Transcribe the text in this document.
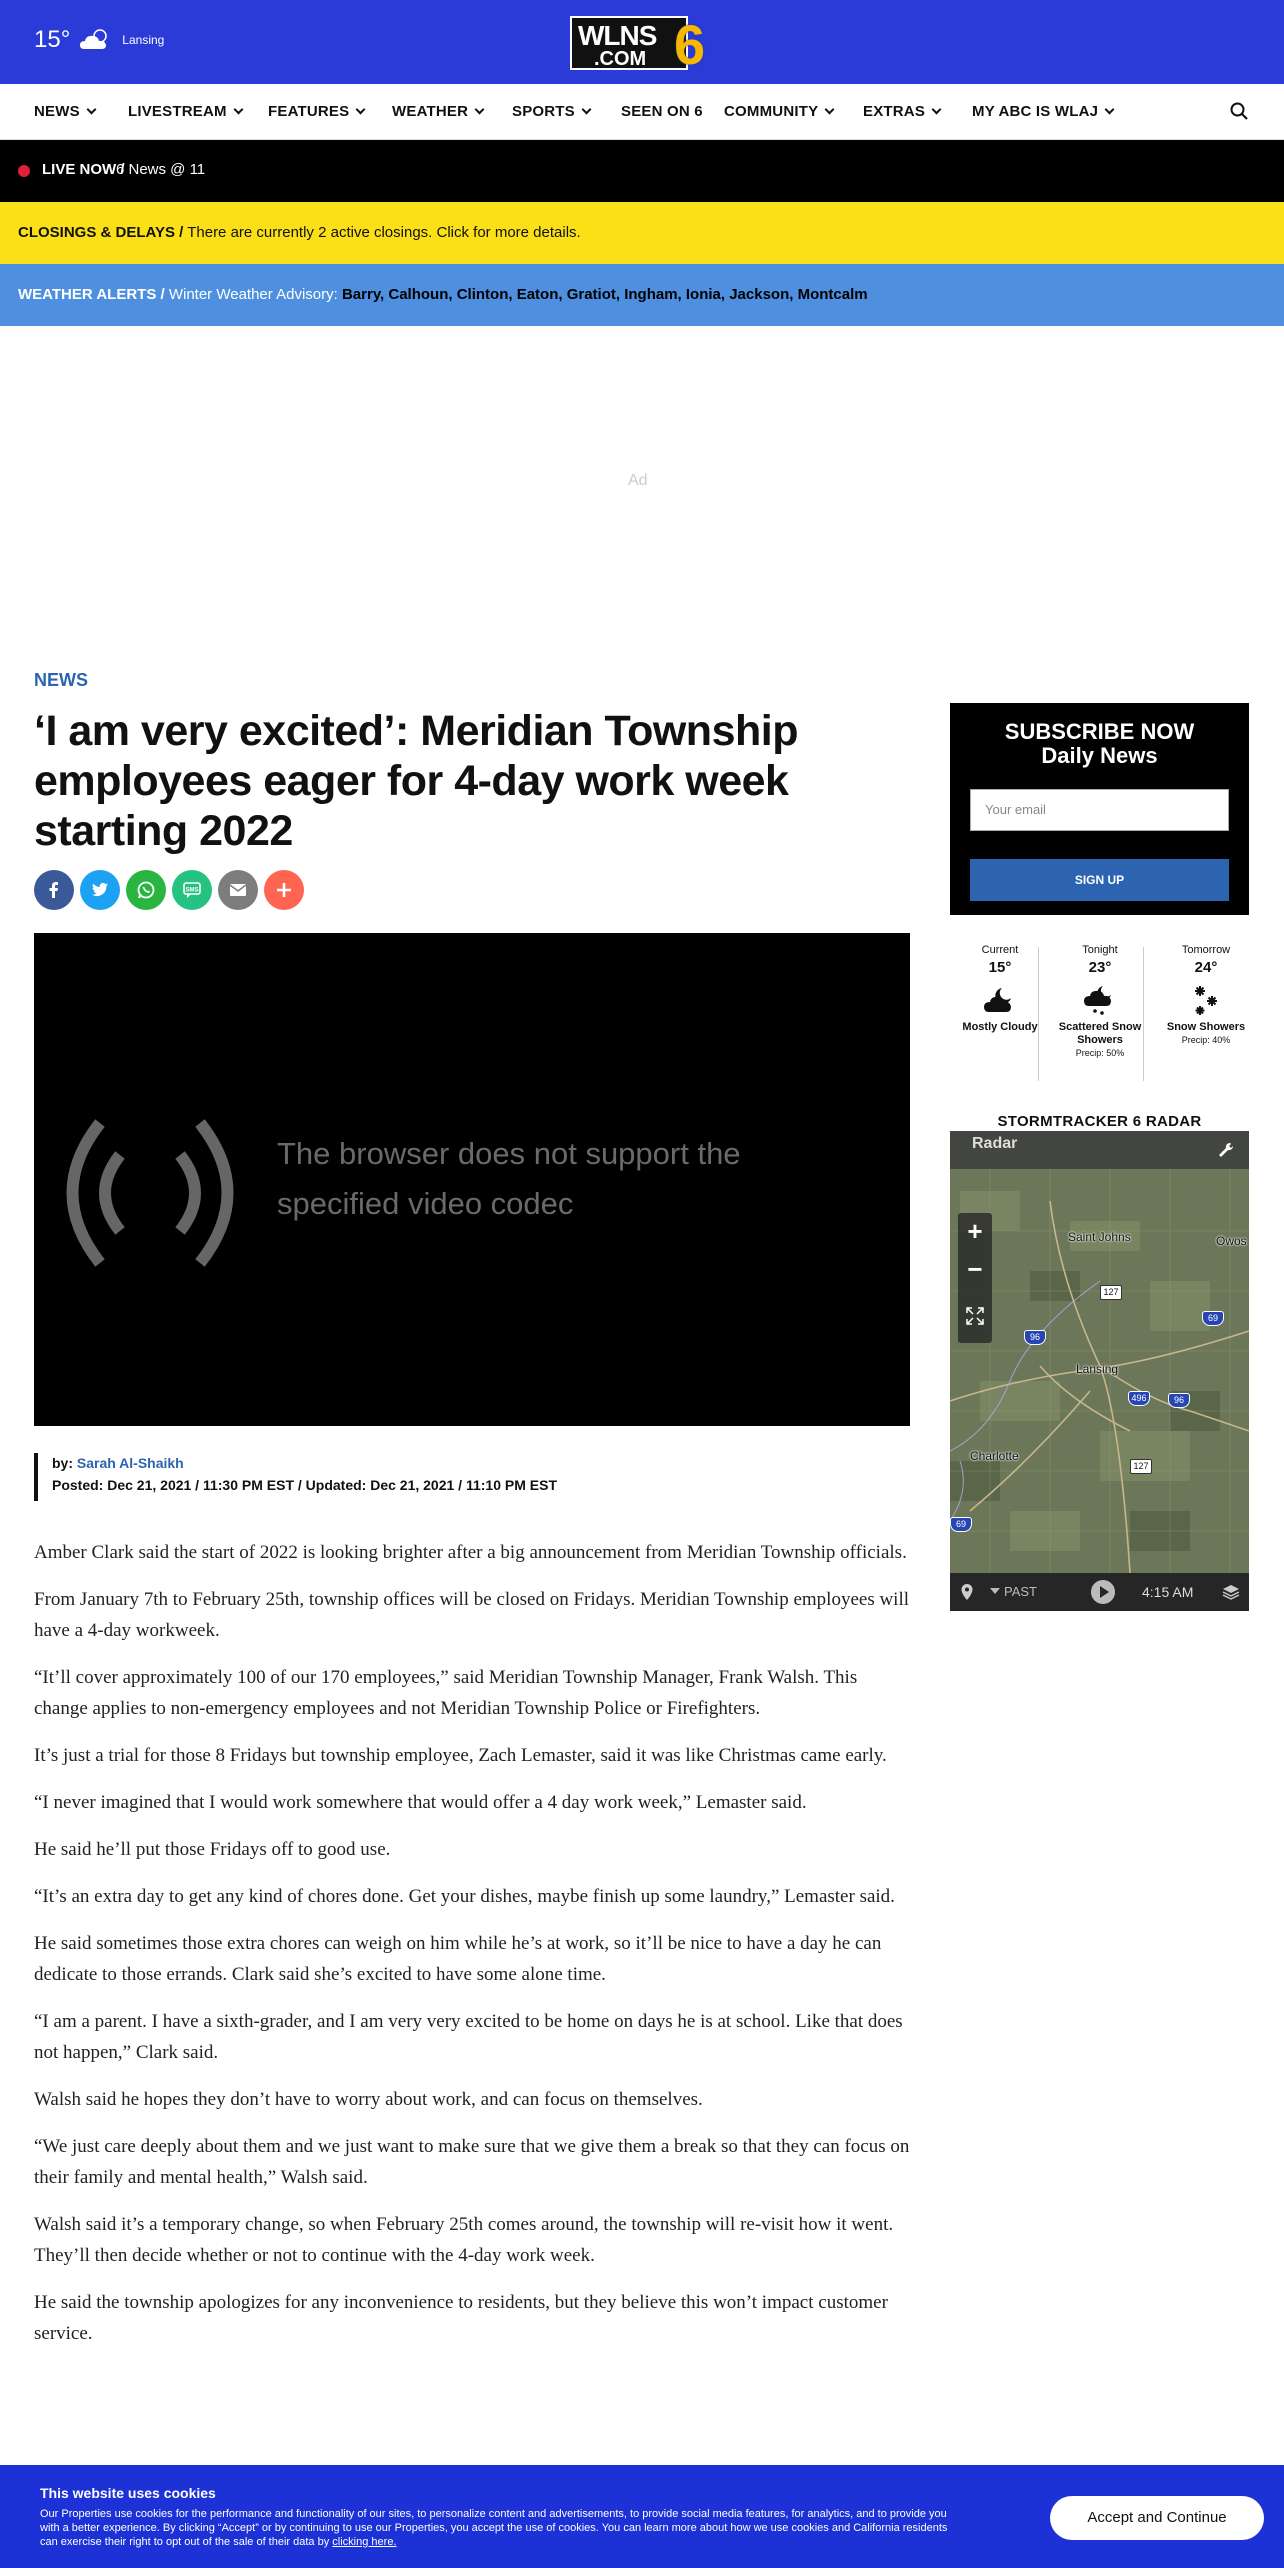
15°	Lansing	WLNS
.COM 6
NEWS	LIVESTREAM	FEATURES	WEATHER	SPORTS	SEEN ON 6 COMMUNITY	EXTRAS	MY ABC IS WLAJ
LIVE NOW /
6 News @ 11
CLOSINGS & DELAYS / There are currently 2 active closings. Click for more details.
WEATHER ALERTS / Winter Weather Advisory: Barry, Calhoun, Clinton, Eaton, Gratiot, Ingham, Ionia, Jackson, Montcalm
Ad
NEWS
‘I am very excited’: Meridian Township employees eager for 4-day work week starting 2022
SMS
The browser does not support the specified video codec
by: Sarah Al-Shaikh
Posted: Dec 21, 2021 / 11:30 PM EST / Updated: Dec 21, 2021 / 11:10 PM EST

Amber Clark said the start of 2022 is looking brighter after a big announcement from Meridian Township officials.

From January 7th to February 25th, township offices will be closed on Fridays. Meridian Township employees will have a 4-day workweek.

“It’ll cover approximately 100 of our 170 employees,” said Meridian Township Manager, Frank Walsh. This change applies to non-emergency employees and not Meridian Township Police or Firefighters.

It’s just a trial for those 8 Fridays but township employee, Zach Lemaster, said it was like Christmas came early.

“I never imagined that I would work somewhere that would offer a 4 day work week,” Lemaster said.

He said he’ll put those Fridays off to good use.

“It’s an extra day to get any kind of chores done. Get your dishes, maybe finish up some laundry,” Lemaster said.

He said sometimes those extra chores can weigh on him while he’s at work, so it’ll be nice to have a day he can dedicate to those errands. Clark said she’s excited to have some alone time.

“I am a parent. I have a sixth-grader, and I am very very excited to be home on days he is at school. Like that does not happen,” Clark said.

Walsh said he hopes they don’t have to worry about work, and can focus on themselves.

“We just care deeply about them and we just want to make sure that we give them a break so that they can focus on their family and mental health,” Walsh said.

Walsh said it’s a temporary change, so when February 25th comes around, the township will re-visit how it went. They’ll then decide whether or not to continue with the 4-day work week.

He said the township apologizes for any inconvenience to residents, but they believe this won’t impact customer service.

SUBSCRIBE NOW
Daily News
Your email
SIGN UP
Current
15°
Mostly Cloudy
Tonight
23°
Scattered Snow Showers
Precip: 50%
Tomorrow
24°
Snow Showers
Precip: 40%
STORMTRACKER 6 RADAR
Radar
Saint Johns	Owos
Lansing
Charlotte
127
96
69
496	96
127
69
+
−
PAST	4:15 AM
This website uses cookies
Our Properties use cookies for the performance and functionality of our sites, to personalize content and advertisements, to provide social media features, for analytics, and to provide you with a better experience. By clicking “Accept” or by continuing to use our Properties, you accept the use of cookies. You can learn more about how we use cookies and California residents can exercise their right to opt out of the sale of their data by clicking here.
Accept and Continue
